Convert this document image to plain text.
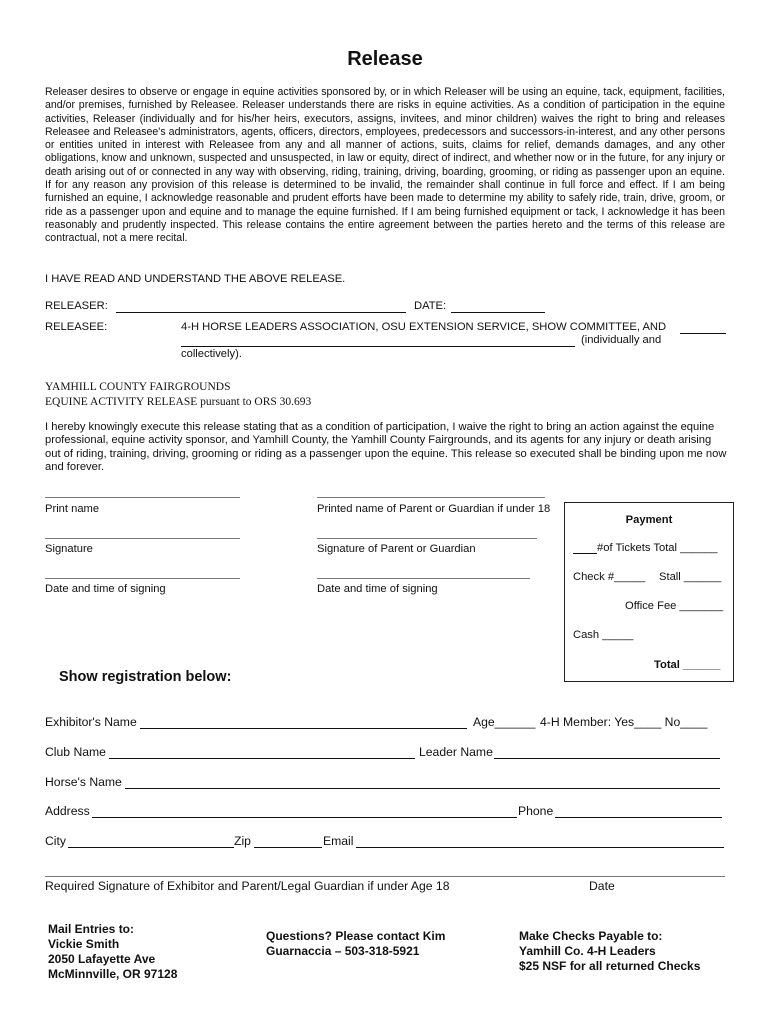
Release
Releaser desires to observe or engage in equine activities sponsored by, or in which Releaser will be using an equine, tack, equipment, facilities, and/or premises, furnished by Releasee. Releaser understands there are risks in equine activities. As a condition of participation in the equine activities, Releaser (individually and for his/her heirs, executors, assigns, invitees, and minor children) waives the right to bring and releases Releasee and Releasee's administrators, agents, officers, directors, employees, predecessors and successors-in-interest, and any other persons or entities united in interest with Releasee from any and all manner of actions, suits, claims for relief, demands damages, and any other obligations, know and unknown, suspected and unsuspected, in law or equity, direct of indirect, and whether now or in the future, for any injury or death arising out of or connected in any way with observing, riding, training, driving, boarding, grooming, or riding as passenger upon an equine. If for any reason any provision of this release is determined to be invalid, the remainder shall continue in full force and effect. If I am being furnished an equine, I acknowledge reasonable and prudent efforts have been made to determine my ability to safely ride, train, drive, groom, or ride as a passenger upon and equine and to manage the equine furnished. If I am being furnished equipment or tack, I acknowledge it has been reasonably and prudently inspected. This release contains the entire agreement between the parties hereto and the terms of this release are contractual, not a mere recital.
I HAVE READ AND UNDERSTAND THE ABOVE RELEASE.
RELEASER:	DATE:
RELEASEE:	4-H HORSE LEADERS ASSOCIATION, OSU EXTENSION SERVICE, SHOW COMMITTEE, AND
(individually and
collectively).
YAMHILL COUNTY FAIRGROUNDS
EQUINE ACTIVITY RELEASE pursuant to ORS 30.693
I hereby knowingly execute this release stating that as a condition of participation, I waive the right to bring an action against the equine professional, equine activity sponsor, and Yamhill County, the Yamhill County Fairgrounds, and its agents for any injury or death arising out of riding, training, driving, grooming or riding as a passenger upon the equine. This release so executed shall be binding upon me now and forever.
Print name	Printed name of Parent or Guardian if under 18
Signature	Signature of Parent or Guardian
Date and time of signing	Date and time of signing
Payment
#of Tickets Total ______
Check #_____ Stall ______
Office Fee _______
Cash _____
Total ______
Show registration below:
Exhibitor's Name	Age______ 4-H Member: Yes____ No____
Club Name	Leader Name
Horse's Name
Address	Phone
City	Zip	Email
Required Signature of Exhibitor and Parent/Legal Guardian if under Age 18	Date
Mail Entries to:
Vickie Smith
2050 Lafayette Ave
McMinnville, OR 97128
Questions? Please contact Kim
Guarnaccia – 503-318-5921
Make Checks Payable to:
Yamhill Co. 4-H Leaders
$25 NSF for all returned Checks
